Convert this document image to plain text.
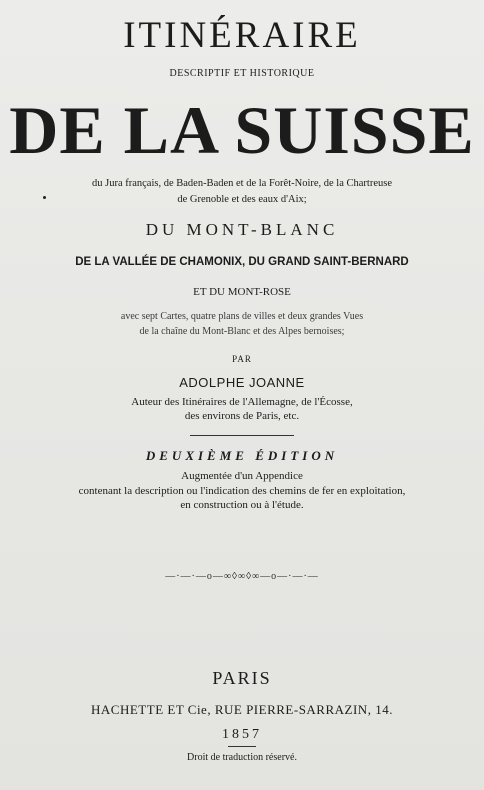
ITINÉRAIRE
DESCRIPTIF ET HISTORIQUE
DE LA SUISSE
du Jura français, de Baden-Baden et de la Forêt-Noire, de la Chartreuse
de Grenoble et des eaux d'Aix;
DU MONT-BLANC
DE LA VALLÉE DE CHAMONIX, DU GRAND SAINT-BERNARD
ET DU MONT-ROSE
avec sept Cartes, quatre plans de villes et deux grandes Vues
de la chaîne du Mont-Blanc et des Alpes bernoises;
PAR
ADOLPHE JOANNE
Auteur des Itinéraires de l'Allemagne, de l'Écosse,
des environs de Paris, etc.
DEUXIÈME ÉDITION
Augmentée d'un Appendice
contenant la description ou l'indication des chemins de fer en exploitation,
en construction ou à l'étude.
—·—·—o—∞◊∞◊∞—o—·—·—
PARIS
HACHETTE ET Cie, RUE PIERRE-SARRAZIN, 14.
1857
Droit de traduction réservé.
